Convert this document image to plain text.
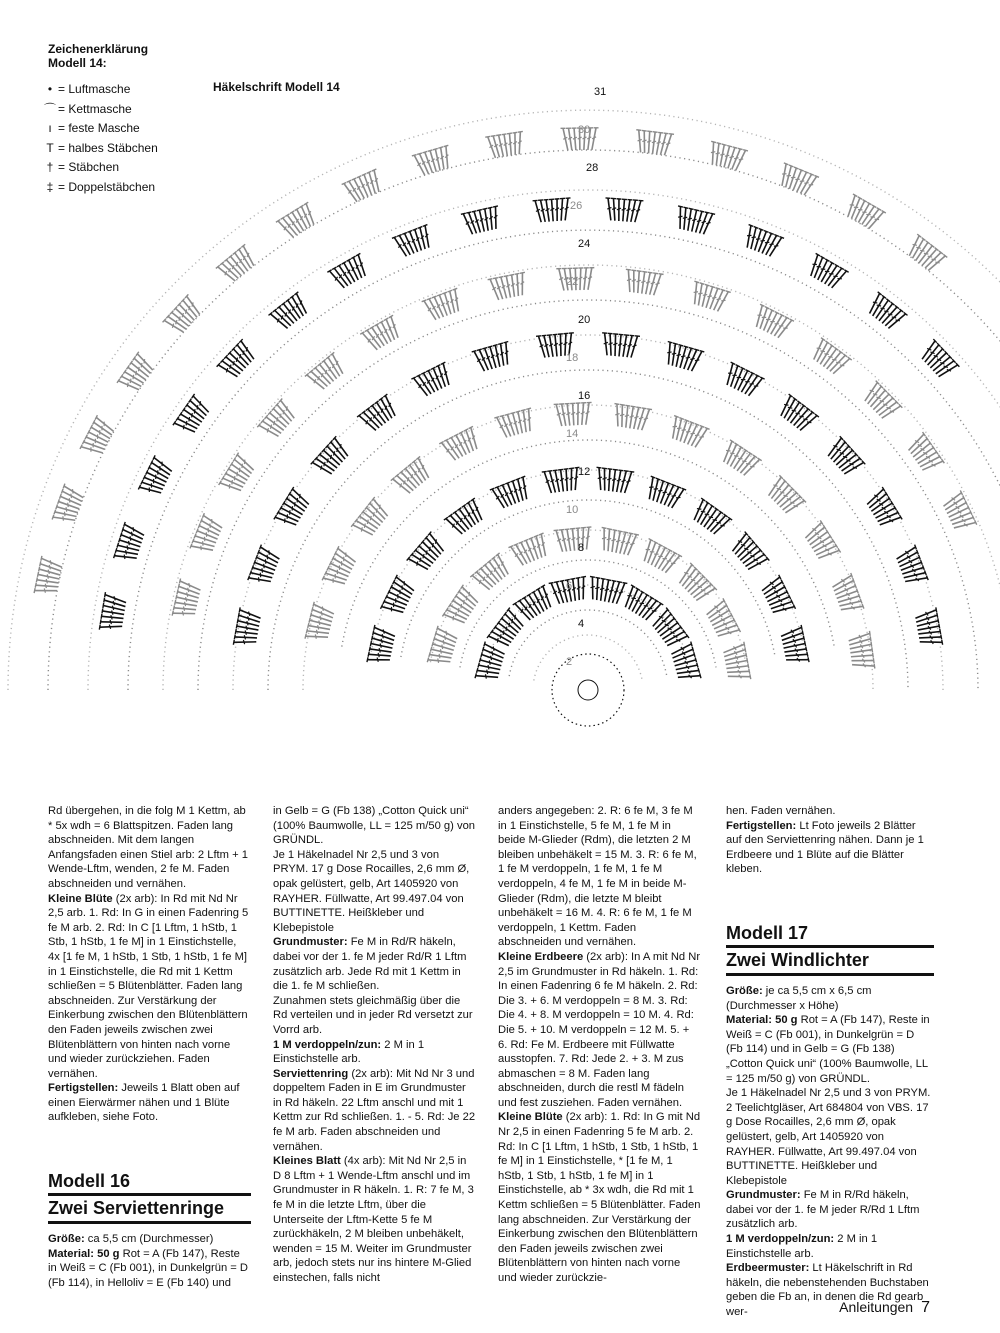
2
4
6
8
10
12
14
16
18
20
22
24
26
28
30
31
Zeichenerklärung
Modell 14:
• = Luftmasche
⌒ = Kettmasche
ı = feste Masche
T = halbes Stäbchen
† = Stäbchen
‡ = Doppelstäbchen
Häkelschrift Modell 14

Rd übergehen, in die folg M 1 Kettm, ab * 5x wdh = 6 Blattspitzen. Faden lang abschneiden. Mit dem langen Anfangsfaden einen Stiel arb: 2 Lftm + 1 Wende-Lftm, wenden, 2 fe M. Faden abschneiden und vernähen.

Kleine Blüte (2x arb): In Rd mit Nd Nr 2,5 arb. 1. Rd: In G in einen Fadenring 5 fe M arb. 2. Rd: In C [1 Lftm, 1 hStb, 1 Stb, 1 hStb, 1 fe M] in 1 Einstichstelle, 4x [1 fe M, 1 hStb, 1 Stb, 1 hStb, 1 fe M] in 1 Einstichstelle, die Rd mit 1 Kettm schließen = 5 Blütenblätter. Faden lang abschneiden. Zur Verstärkung der Einkerbung zwischen den Blütenblättern den Faden jeweils zwischen zwei Blütenblättern von hinten nach vorne und wieder zurückziehen. Faden vernähen.

Fertigstellen: Jeweils 1 Blatt oben auf einen Eierwärmer nähen und 1 Blüte aufkleben, siehe Foto.

Modell 16
Zwei Serviettenringe

Größe: ca 5,5 cm (Durchmesser)

Material: 50 g Rot = A (Fb 147), Reste in Weiß = C (Fb 001), in Dunkelgrün = D (Fb 114), in Helloliv = E (Fb 140) und

in Gelb = G (Fb 138) „Cotton Quick uni“ (100% Baumwolle, LL = 125 m/50 g) von GRÜNDL.

Je 1 Häkelnadel Nr 2,5 und 3 von PRYM. 17 g Dose Rocailles, 2,6 mm Ø, opak gelüstert, gelb, Art 1405920 von RAYHER. Füllwatte, Art 99.497.04 von BUTTINETTE. Heißkleber und Klebepistole

Grundmuster: Fe M in Rd/R häkeln, dabei vor der 1. fe M jeder Rd/R 1 Lftm zusätzlich arb. Jede Rd mit 1 Kettm in die 1. fe M schließen.

Zunahmen stets gleichmäßig über die Rd verteilen und in jeder Rd versetzt zur Vorrd arb.

1 M verdoppeln/zun: 2 M in 1 Einstichstelle arb.

Serviettenring (2x arb): Mit Nd Nr 3 und doppeltem Faden in E im Grundmuster in Rd häkeln. 22 Lftm anschl und mit 1 Kettm zur Rd schließen. 1. - 5. Rd: Je 22 fe M arb. Faden abschneiden und vernähen.

Kleines Blatt (4x arb): Mit Nd Nr 2,5 in D 8 Lftm + 1 Wende-Lftm anschl und im Grundmuster in R häkeln. 1. R: 7 fe M, 3 fe M in die letzte Lftm, über die Unterseite der Lftm-Kette 5 fe M zurückhäkeln, 2 M bleiben unbehäkelt, wenden = 15 M. Weiter im Grundmuster arb, jedoch stets nur ins hintere M-Glied einstechen, falls nicht

anders angegeben: 2. R: 6 fe M, 3 fe M in 1 Einstichstelle, 5 fe M, 1 fe M in beide M-Glieder (Rdm), die letzten 2 M bleiben unbehäkelt = 15 M. 3. R: 6 fe M, 1 fe M verdoppeln, 1 fe M, 1 fe M verdoppeln, 4 fe M, 1 fe M in beide M-Glieder (Rdm), die letzte M bleibt unbehäkelt = 16 M. 4. R: 6 fe M, 1 fe M verdoppeln, 1 Kettm. Faden abschneiden und vernähen.

Kleine Erdbeere (2x arb): In A mit Nd Nr 2,5 im Grundmuster in Rd häkeln. 1. Rd: In einen Fadenring 6 fe M häkeln. 2. Rd: Die 3. + 6. M verdoppeln = 8 M. 3. Rd: Die 4. + 8. M verdoppeln = 10 M. 4. Rd: Die 5. + 10. M verdoppeln = 12 M. 5. + 6. Rd: Fe M. Erdbeere mit Füllwatte ausstopfen. 7. Rd: Jede 2. + 3. M zus abmaschen = 8 M. Faden lang abschneiden, durch die restl M fädeln und fest zusziehen. Faden vernähen.

Kleine Blüte (2x arb): 1. Rd: In G mit Nd Nr 2,5 in einen Fadenring 5 fe M arb. 2. Rd: In C [1 Lftm, 1 hStb, 1 Stb, 1 hStb, 1 fe M] in 1 Einstichstelle, * [1 fe M, 1 hStb, 1 Stb, 1 hStb, 1 fe M] in 1 Einstichstelle, ab * 3x wdh, die Rd mit 1 Kettm schließen = 5 Blütenblätter. Faden lang abschneiden. Zur Verstärkung der Einkerbung zwischen den Blütenblättern den Faden jeweils zwischen zwei Blütenblättern von hinten nach vorne und wieder zurückzie-

hen. Faden vernähen.

Fertigstellen: Lt Foto jeweils 2 Blätter auf den Serviettenring nähen. Dann je 1 Erdbeere und 1 Blüte auf die Blätter kleben.

Modell 17
Zwei Windlichter

Größe: je ca 5,5 cm x 6,5 cm (Durchmesser x Höhe)

Material: 50 g Rot = A (Fb 147), Reste in Weiß = C (Fb 001), in Dunkelgrün = D (Fb 114) und in Gelb = G (Fb 138) „Cotton Quick uni“ (100% Baumwolle, LL = 125 m/50 g) von GRÜNDL.

Je 1 Häkelnadel Nr 2,5 und 3 von PRYM. 2 Teelichtgläser, Art 684804 von VBS. 17 g Dose Rocailles, 2,6 mm Ø, opak gelüstert, gelb, Art 1405920 von RAYHER. Füllwatte, Art 99.497.04 von BUTTINETTE. Heißkleber und Klebepistole

Grundmuster: Fe M in R/Rd häkeln, dabei vor der 1. fe M jeder R/Rd 1 Lftm zusätzlich arb.

1 M verdoppeln/zun: 2 M in 1 Einstichstelle arb.

Erdbeermuster: Lt Häkelschrift in Rd häkeln, die nebenstehenden Buchstaben geben die Fb an, in denen die Rd gearb wer-	Anleitungen 7
